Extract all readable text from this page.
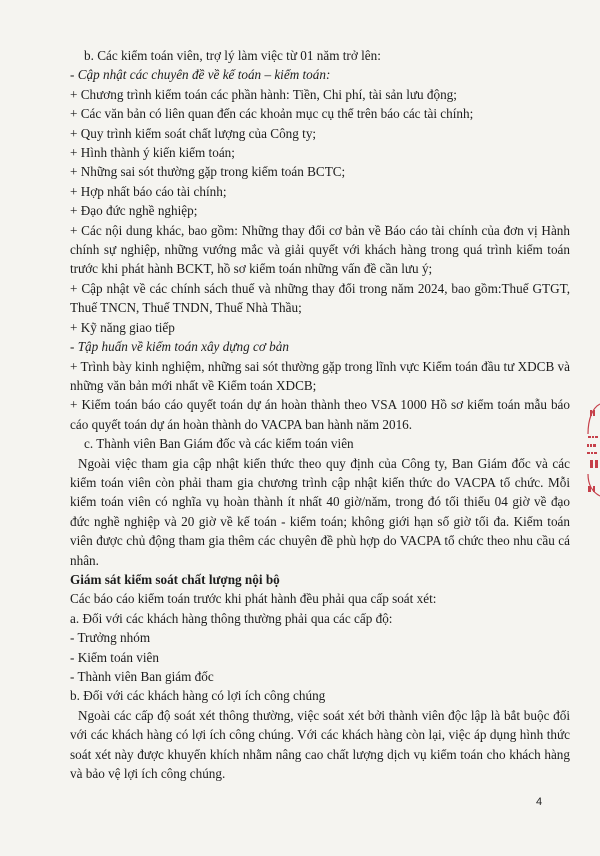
b. Các kiểm toán viên, trợ lý làm việc từ 01 năm trở lên:
- Cập nhật các chuyên đề về kế toán – kiểm toán:
+ Chương trình kiểm toán các phần hành: Tiền, Chi phí, tài sản lưu động;
+ Các văn bản có liên quan đến các khoản mục cụ thể trên báo các tài chính;
+ Quy trình kiểm soát chất lượng của Công ty;
+ Hình thành ý kiến kiểm toán;
+ Những sai sót thường gặp trong kiểm toán BCTC;
+ Hợp nhất báo cáo tài chính;
+ Đạo đức nghề nghiệp;
+ Các nội dung khác, bao gồm: Những thay đổi cơ bản về Báo cáo tài chính của đơn vị Hành chính sự nghiệp, những vướng mắc và giải quyết với khách hàng trong quá trình kiểm toán trước khi phát hành BCKT, hồ sơ kiểm toán những vấn đề cần lưu ý;
+ Cập nhật về các chính sách thuế và những thay đổi trong năm 2024, bao gồm:Thuế GTGT, Thuế TNCN, Thuế TNDN, Thuế Nhà Thầu;
+ Kỹ năng giao tiếp
- Tập huấn về kiểm toán xây dựng cơ bản
+ Trình bày kinh nghiệm, những sai sót thường gặp trong lĩnh vực Kiểm toán đầu tư XDCB và những văn bản mới nhất về Kiểm toán XDCB;
+ Kiểm toán báo cáo quyết toán dự án hoàn thành theo VSA 1000 Hồ sơ kiểm toán mẫu báo cáo quyết toán dự án hoàn thành do VACPA ban hành năm 2016.
c. Thành viên Ban Giám đốc và các kiểm toán viên
Ngoài việc tham gia cập nhật kiến thức theo quy định của Công ty, Ban Giám đốc và các kiểm toán viên còn phải tham gia chương trình cập nhật kiến thức do VACPA tổ chức. Mỗi kiểm toán viên có nghĩa vụ hoàn thành ít nhất 40 giờ/năm, trong đó tối thiểu 04 giờ về đạo đức nghề nghiệp và 20 giờ về kế toán - kiểm toán; không giới hạn số giờ tối đa. Kiểm toán viên được chủ động tham gia thêm các chuyên đề phù hợp do VACPA tổ chức theo nhu cầu cá nhân.
Giám sát kiểm soát chất lượng nội bộ
Các báo cáo kiểm toán trước khi phát hành đều phải qua cấp soát xét:
a. Đối với các khách hàng thông thường phải qua các cấp độ:
- Trưởng nhóm
- Kiểm toán viên
- Thành viên Ban giám đốc
b. Đối với các khách hàng có lợi ích công chúng
Ngoài các cấp độ soát xét thông thường, việc soát xét bởi thành viên độc lập là bắt buộc đối với các khách hàng có lợi ích công chúng. Với các khách hàng còn lại, việc áp dụng hình thức soát xét này được khuyến khích nhằm nâng cao chất lượng dịch vụ kiểm toán cho khách hàng và bảo vệ lợi ích công chúng.
4
